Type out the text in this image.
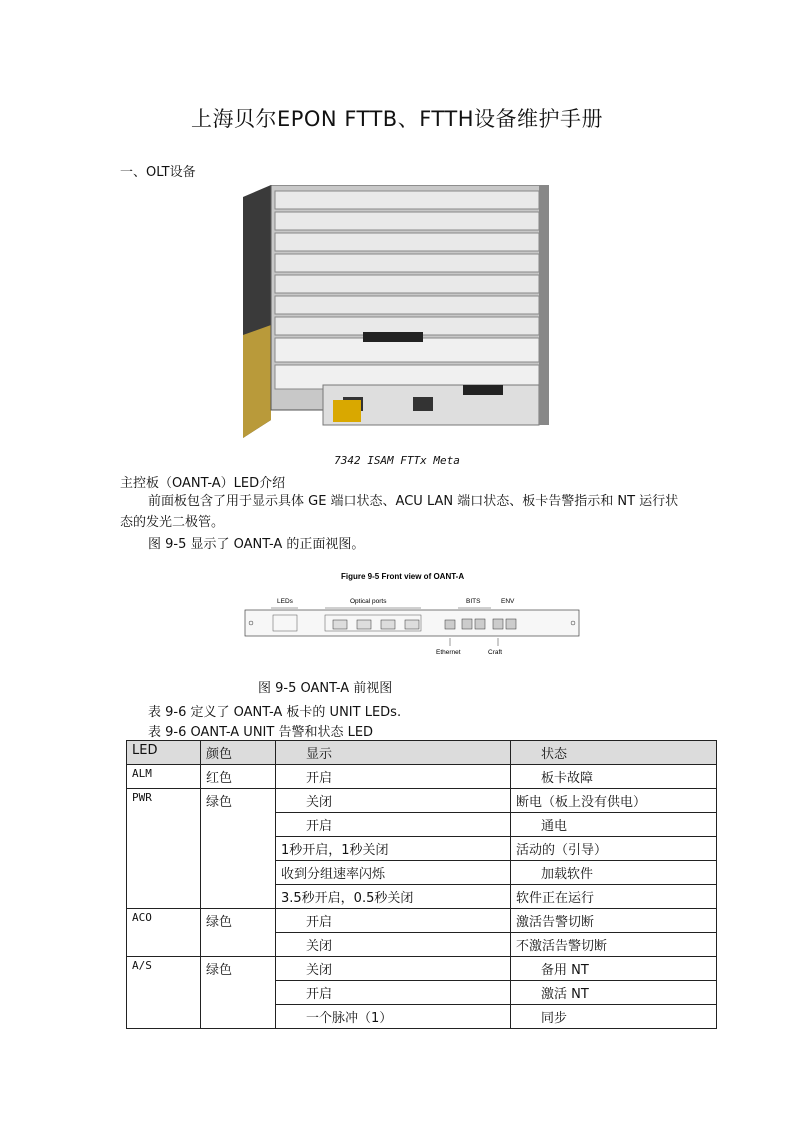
上海贝尔EPON FTTB、FTTH设备维护手册
一、OLT设备
7342 ISAM FTTx Meta
主控板（OANT-A）LED介绍
前面板包含了用于显示具体 GE 端口状态、ACU LAN 端口状态、板卡告警指示和 NT 运行状态的发光二极管。
图 9-5 显示了 OANT-A 的正面视图。
Figure 9-5 Front view of OANT-A
LEDs	Optical ports	BITS	ENV
Ethernet	Craft
图 9-5 OANT-A 前视图
表 9-6 定义了 OANT-A 板卡的 UNIT LEDs.
表 9-6 OANT-A UNIT 告警和状态 LED
LED	颜色	显示	状态
ALM	红色	开启	板卡故障
PWR	绿色	关闭	断电（板上没有供电）
		开启	通电
		1秒开启，1秒关闭	活动的（引导）
		收到分组速率闪烁	加载软件
		3.5秒开启，0.5秒关闭	软件正在运行
ACO	绿色	开启	激活告警切断
		关闭	不激活告警切断
A/S	绿色	关闭	备用 NT
		开启	激活 NT
		一个脉冲（1）	同步
